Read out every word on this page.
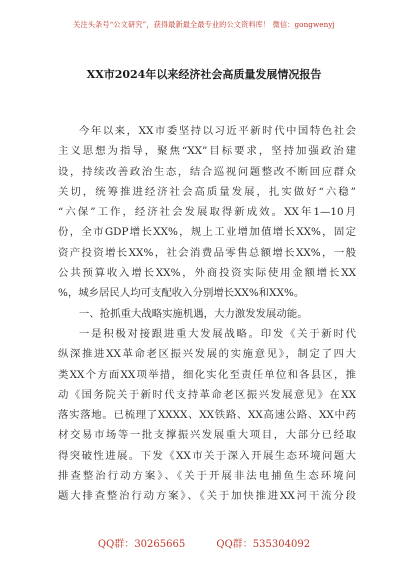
关注头条号“公文研究”，获得最新最全最专业的公文资料库！ 微信：gongwenyj
XX市2024年以来经济社会高质量发展情况报告
今年以来，XX市委坚持以习近平新时代中国特色社会
主义思想为指导，聚焦“XX”目标要求，坚持加强政治建
设，持续改善政治生态，结合巡视问题整改不断回应群众
关切，统筹推进经济社会高质量发展，扎实做好“六稳”
“六保”工作，经济社会发展取得新成效。XX年1—10月
份，全市GDP增长XX%，规上工业增加值增长XX%，固定
资产投资增长XX%，社会消费品零售总额增长XX%，一般
公共预算收入增长XX%，外商投资实际使用金额增长XX
%，城乡居民人均可支配收入分别增长XX%和XX%。
一、抢抓重大战略实施机遇，大力激发发展动能。
一是积极对接跟进重大发展战略。印发《关于新时代
纵深推进XX革命老区振兴发展的实施意见》，制定了四大
类XX个方面XX项举措，细化实化至责任单位和各县区，推
动《国务院关于新时代支持革命老区振兴发展意见》在XX
落实落地。已梳理了XXXX、XX铁路、XX高速公路、XX中药
材交易市场等一批支撑振兴发展重大项目，大部分已经取
得突破性进展。下发《XX市关于深入开展生态环境问题大
排查整治行动方案》、《关于开展非法电捕鱼生态环境问
题大排查整治行动方案》、《关于加快推进XX河干流分段
QQ群：30265665	QQ群：535304092
